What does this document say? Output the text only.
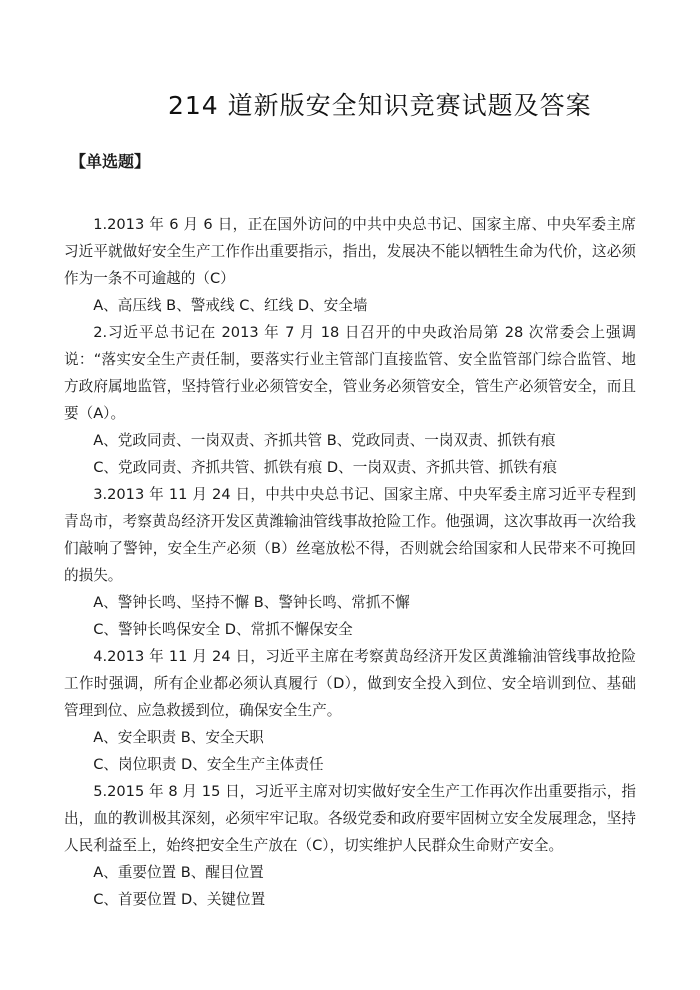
214 道新版安全知识竞赛试题及答案
【单选题】

1.2013 年 6 月 6 日，正在国外访问的中共中央总书记、国家主席、中央军委主席习近平就做好安全生产工作作出重要指示，指出，发展决不能以牺牲生命为代价，这必须作为一条不可逾越的（C）

A、高压线 B、警戒线 C、红线 D、安全墙

2.习近平总书记在 2013 年 7 月 18 日召开的中央政治局第 28 次常委会上强调说：“落实安全生产责任制，要落实行业主管部门直接监管、安全监管部门综合监管、地方政府属地监管，坚持管行业必须管安全，管业务必须管安全，管生产必须管安全，而且要（A）。

A、党政同责、一岗双责、齐抓共管 B、党政同责、一岗双责、抓铁有痕

C、党政同责、齐抓共管、抓铁有痕 D、一岗双责、齐抓共管、抓铁有痕

3.2013 年 11 月 24 日，中共中央总书记、国家主席、中央军委主席习近平专程到青岛市，考察黄岛经济开发区黄潍输油管线事故抢险工作。他强调，这次事故再一次给我们敲响了警钟，安全生产必须（B）丝毫放松不得，否则就会给国家和人民带来不可挽回的损失。

A、警钟长鸣、坚持不懈 B、警钟长鸣、常抓不懈

C、警钟长鸣保安全 D、常抓不懈保安全

4.2013 年 11 月 24 日，习近平主席在考察黄岛经济开发区黄潍输油管线事故抢险工作时强调，所有企业都必须认真履行（D），做到安全投入到位、安全培训到位、基础管理到位、应急救援到位，确保安全生产。

A、安全职责 B、安全天职

C、岗位职责 D、安全生产主体责任

5.2015 年 8 月 15 日，习近平主席对切实做好安全生产工作再次作出重要指示，指出，血的教训极其深刻，必须牢牢记取。各级党委和政府要牢固树立安全发展理念，坚持人民利益至上，始终把安全生产放在（C），切实维护人民群众生命财产安全。

A、重要位置 B、醒目位置

C、首要位置 D、关键位置
